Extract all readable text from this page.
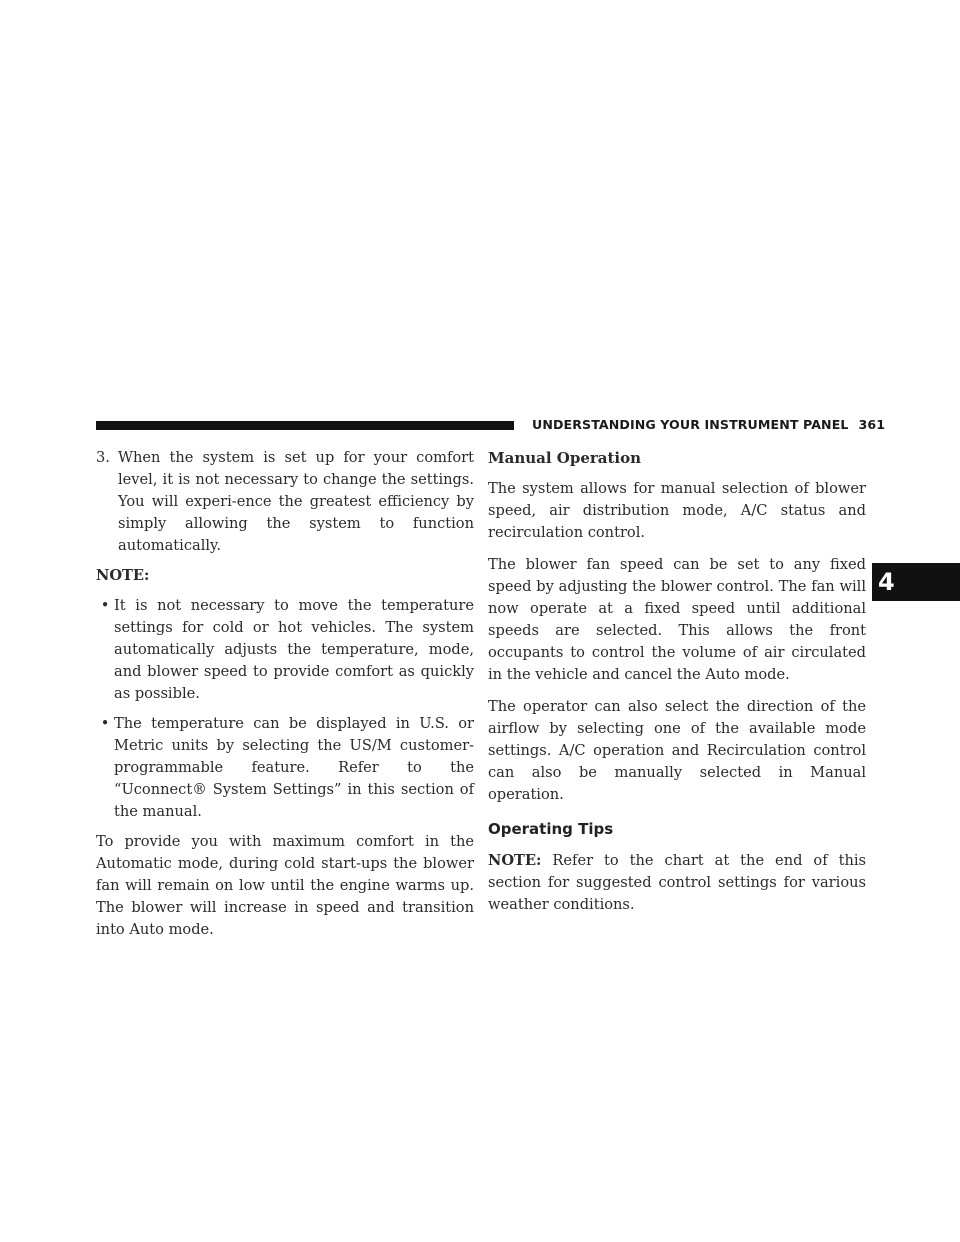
UNDERSTANDING YOUR INSTRUMENT PANEL 361
4
3. When the system is set up for your comfort level, it is not necessary to change the settings. You will experi-ence the greatest efficiency by simply allowing the system to function automatically.
NOTE:
• It is not necessary to move the temperature settings for cold or hot vehicles. The system automatically adjusts the temperature, mode, and blower speed to provide comfort as quickly as possible.
• The temperature can be displayed in U.S. or Metric units by selecting the US/M customer-programmable feature. Refer to the “Uconnect® System Settings” in this section of the manual.

To provide you with maximum comfort in the Automatic mode, during cold start-ups the blower fan will remain on low until the engine warms up. The blower will increase in speed and transition into Auto mode.

Manual Operation

The system allows for manual selection of blower speed, air distribution mode, A/C status and recirculation control.

The blower fan speed can be set to any fixed speed by adjusting the blower control. The fan will now operate at a fixed speed until additional speeds are selected. This allows the front occupants to control the volume of air circulated in the vehicle and cancel the Auto mode.

The operator can also select the direction of the airflow by selecting one of the available mode settings. A/C operation and Recirculation control can also be manually selected in Manual operation.

Operating Tips

NOTE: Refer to the chart at the end of this section for suggested control settings for various weather conditions.
